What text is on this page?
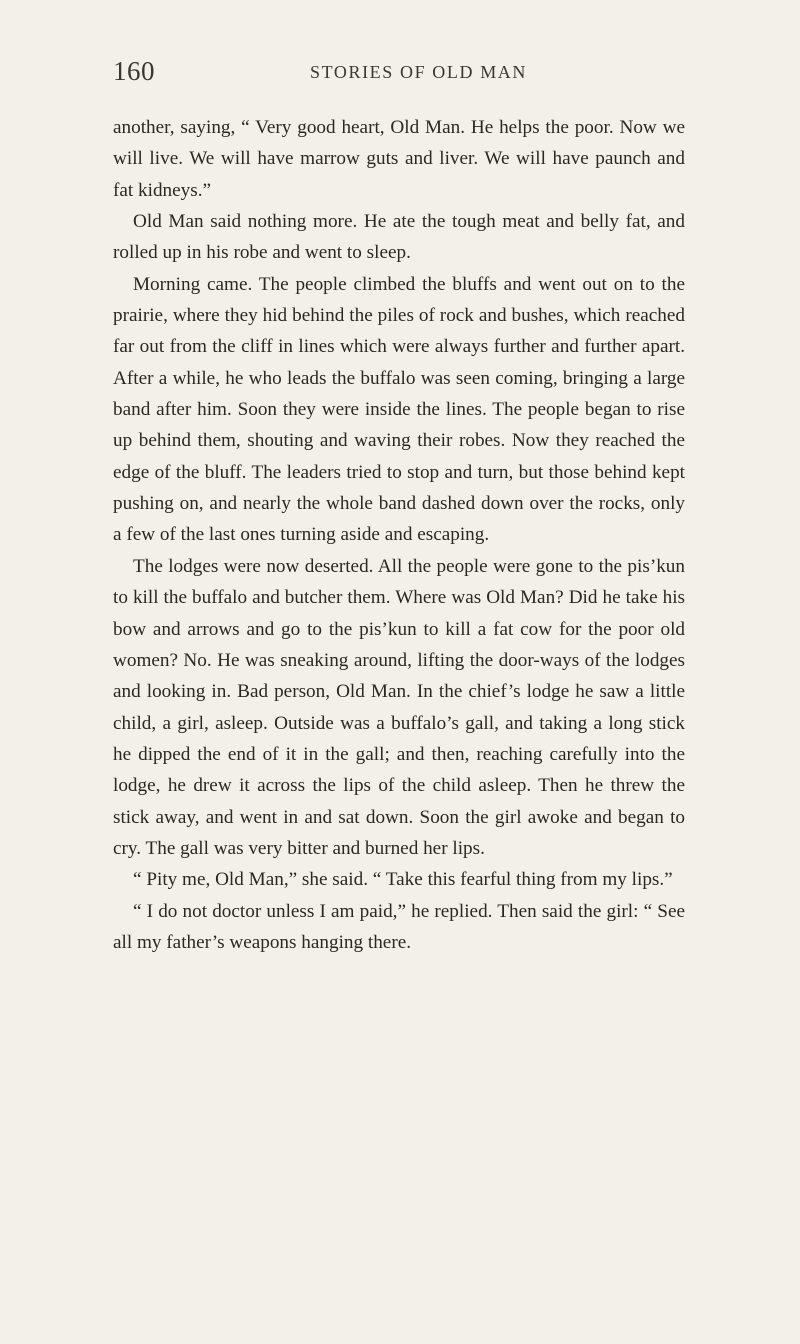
160	STORIES OF OLD MAN

another, saying, “ Very good heart, Old Man. He helps the poor. Now we will live. We will have marrow guts and liver. We will have paunch and fat kidneys.”

Old Man said nothing more. He ate the tough meat and belly fat, and rolled up in his robe and went to sleep.

Morning came. The people climbed the bluffs and went out on to the prairie, where they hid behind the piles of rock and bushes, which reached far out from the cliff in lines which were always further and further apart. After a while, he who leads the buffalo was seen coming, bringing a large band after him. Soon they were inside the lines. The people began to rise up behind them, shouting and waving their robes. Now they reached the edge of the bluff. The leaders tried to stop and turn, but those behind kept pushing on, and nearly the whole band dashed down over the rocks, only a few of the last ones turning aside and escaping.

The lodges were now deserted. All the people were gone to the pis’kun to kill the buffalo and butcher them. Where was Old Man? Did he take his bow and arrows and go to the pis’kun to kill a fat cow for the poor old women? No. He was sneaking around, lifting the door-ways of the lodges and looking in. Bad person, Old Man. In the chief’s lodge he saw a little child, a girl, asleep. Outside was a buffalo’s gall, and taking a long stick he dipped the end of it in the gall; and then, reaching carefully into the lodge, he drew it across the lips of the child asleep. Then he threw the stick away, and went in and sat down. Soon the girl awoke and began to cry. The gall was very bitter and burned her lips.

“ Pity me, Old Man,” she said. “ Take this fearful thing from my lips.”

“ I do not doctor unless I am paid,” he replied. Then said the girl: “ See all my father’s weapons hanging there.
